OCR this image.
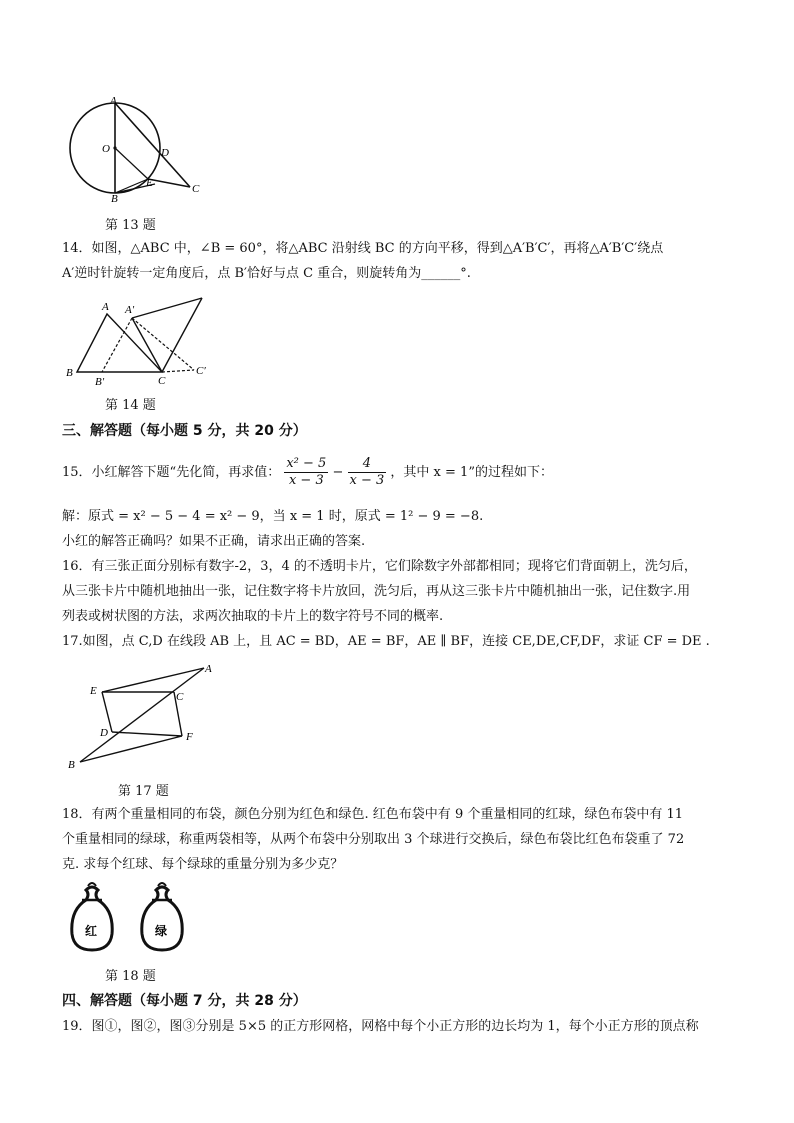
A
O	D
B
E	C
第 13 题
14．如图，△ABC 中，∠B = 60°，将△ABC 沿射线 BC 的方向平移，得到△A′B′C′，再将△A′B′C′绕点
A′逆时针旋转一定角度后，点 B′恰好与点 C 重合，则旋转角为______°.
A A′
B
B′	C
C′
第 14 题
三、解答题（每小题 5 分，共 20 分）
15．小红解答下题“先化简，再求值： $\frac{\text{x² − 5}}{x - 3} - \frac{4}{x - 3}$ ，其中 x = 1”的过程如下：
解：原式 = x² − 5 − 4 = x² − 9，当 x = 1 时，原式 = 1² − 9 = −8.
小红的解答正确吗？如果不正确，请求出正确的答案.
16．有三张正面分别标有数字-2，3，4 的不透明卡片，它们除数字外部都相同；现将它们背面朝上，洗匀后，
从三张卡片中随机地抽出一张，记住数字将卡片放回，洗匀后，再从这三张卡片中随机抽出一张，记住数字.用
列表或树状图的方法，求两次抽取的卡片上的数字符号不同的概率.
17.如图，点 C,D 在线段 AB 上，且 AC = BD，AE = BF，AE ∥ BF，连接 CE,DE,CF,DF，求证 CF = DE .
A
E	C
D	F
B
第 17 题
18．有两个重量相同的布袋，颜色分别为红色和绿色. 红色布袋中有 9 个重量相同的红球，绿色布袋中有 11
个重量相同的绿球，称重两袋相等，从两个布袋中分别取出 3 个球进行交换后，绿色布袋比红色布袋重了 72
克. 求每个红球、每个绿球的重量分别为多少克？
红	绿
第 18 题
四、解答题（每小题 7 分，共 28 分）
19．图①，图②，图③分别是 5×5 的正方形网格，网格中每个小正方形的边长均为 1，每个小正方形的顶点称
